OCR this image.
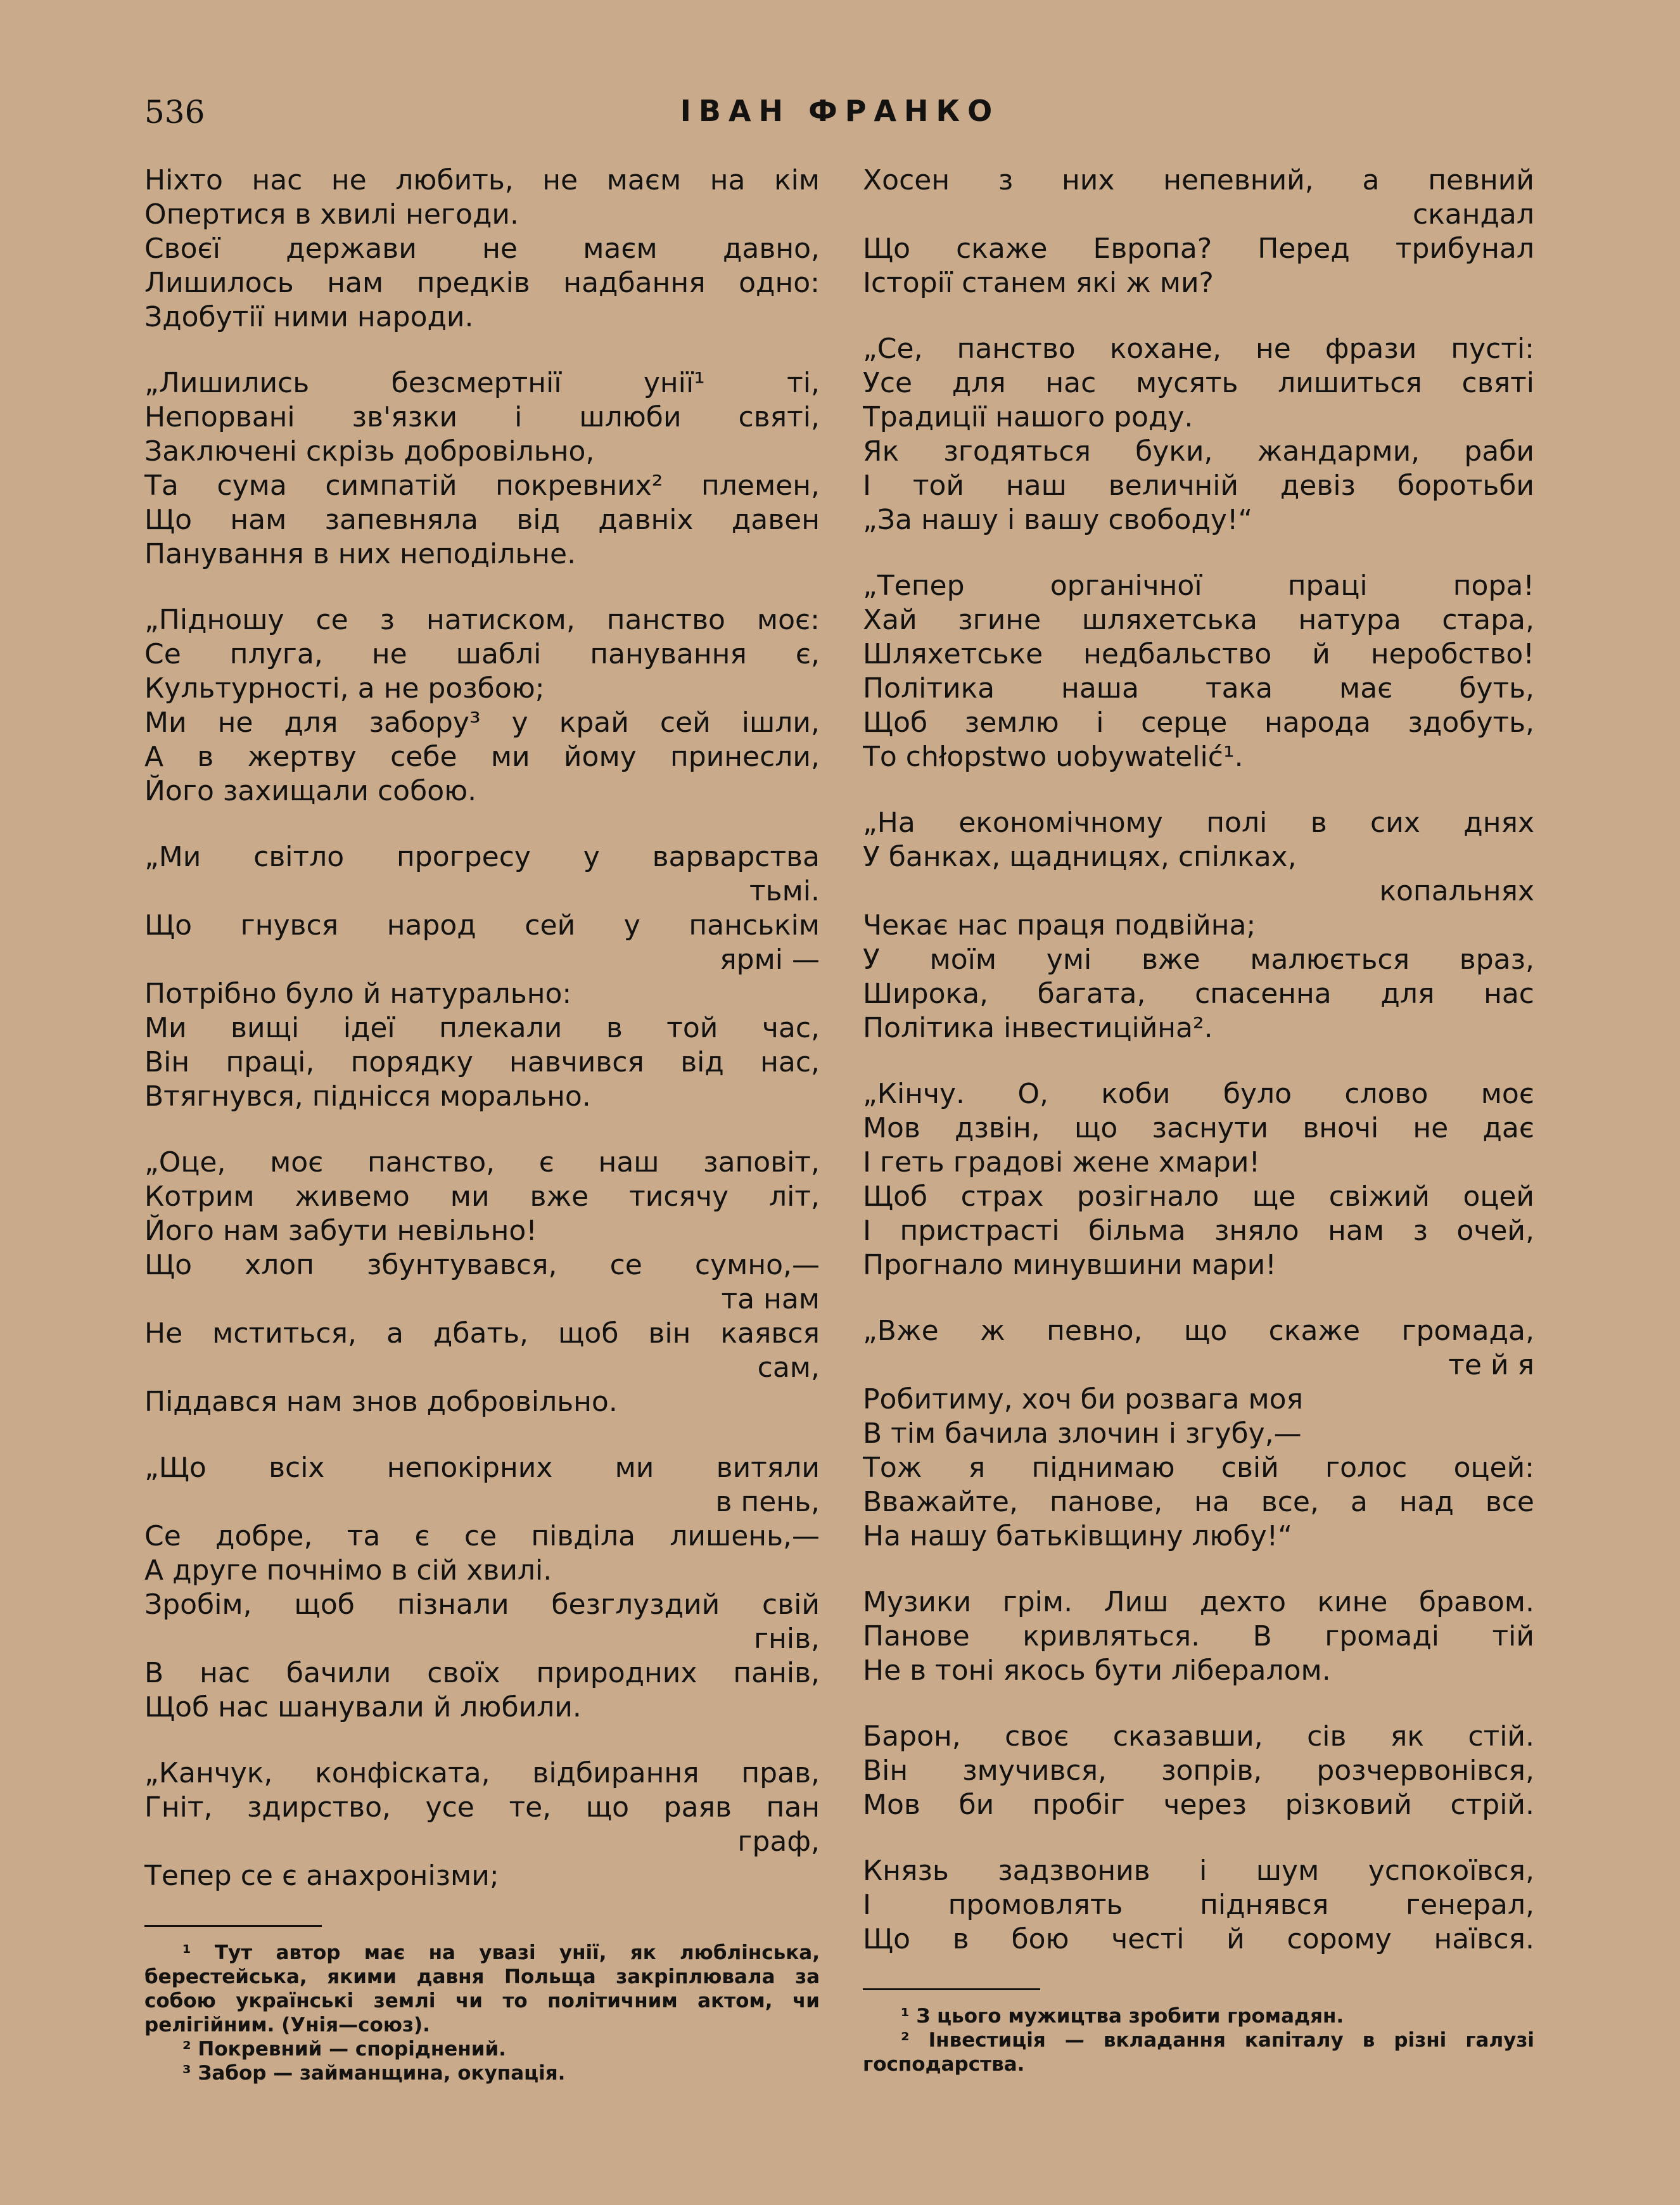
536	ІВАН ФРАНКО
Ніхто нас не любить, не маєм на кім
Опертися в хвилі негоди.
Своєї держави не маєм давно,
Лишилось нам предків надбання одно:
Здобутії ними народи.
„Лишились безсмертнії унії¹ ті,
Непорвані зв'язки і шлюби святі,
Заключені скрізь добровільно,
Та сума симпатій покревних² племен,
Що нам запевняла від давніх давен
Панування в них неподільне.
„Підношу се з натиском, панство моє:
Се плуга, не шаблі панування є,
Культурності, а не розбою;
Ми не для забору³ у край сей ішли,
А в жертву себе ми йому принесли,
Його захищали собою.
„Ми світло прогресу у варварства
тьмі.
Що гнувся народ сей у панськім
ярмі —
Потрібно було й натурально:
Ми вищі ідеї плекали в той час,
Він праці, порядку навчився від нас,
Втягнувся, піднісся морально.
„Оце, моє панство, є наш заповіт,
Котрим живемо ми вже тисячу літ,
Його нам забути невільно!
Що хлоп збунтувався, се сумно,—
та нам
Не мститься, а дбать, щоб він каявся
сам,
Піддався нам знов добровільно.
„Що всіх непокірних ми витяли
в пень,
Се добре, та є се півділа лишень,—
А друге почнімо в сій хвилі.
Зробім, щоб пізнали безглуздий свій
гнів,
В нас бачили своїх природних панів,
Щоб нас шанували й любили.
„Канчук, конфіската, відбирання прав,
Гніт, здирство, усе те, що раяв пан
граф,
Тепер се є анахронізми;
¹ Тут автор має на увазі унії, як люблінська, берестейська, якими давня Польща закріплювала за собою українські землі чи то політичним актом, чи релігійним. (Унія—союз).
² Покревний — споріднений.
³ Забор — займанщина, окупація.
Хосен з них непевний, а певний
скандал
Що скаже Европа? Перед трибунал
Історії станем які ж ми?
„Се, панство кохане, не фрази пусті:
Усе для нас мусять лишиться святі
Традиції нашого роду.
Як згодяться буки, жандарми, раби
І той наш величній девіз боротьби
„За нашу і вашу свободу!“
„Тепер органічної праці пора!
Хай згине шляхетська натура стара,
Шляхетське недбальство й неробство!
Політика наша така має буть,
Щоб землю і серце народа здобуть,
То chłopstwo uobywatelić¹.
„На економічному полі в сих днях
У банках, щадницях, спілках,
копальнях
Чекає нас праця подвійна;
У моїм умі вже малюється враз,
Широка, багата, спасенна для нас
Політика інвестиційна².
„Кінчу. О, коби було слово моє
Мов дзвін, що заснути вночі не дає
І геть градові жене хмари!
Щоб страх розігнало ще свіжий оцей
І пристрасті більма зняло нам з очей,
Прогнало минувшини мари!
„Вже ж певно, що скаже громада,
те й я
Робитиму, хоч би розвага моя
В тім бачила злочин і згубу,—
Тож я піднимаю свій голос оцей:
Вважайте, панове, на все, а над все
На нашу батьківщину любу!“
Музики грім. Лиш дехто кине бравом.
Панове кривляться. В громаді тій
Не в тоні якось бути лібералом.
Барон, своє сказавши, сів як стій.
Він змучився, зопрів, розчервонівся,
Мов би пробіг через різковий стрій.
Князь задзвонив і шум успокоївся,
І промовлять піднявся генерал,
Що в бою честі й сорому наївся.
¹ З цього мужицтва зробити громадян.
² Інвестиція — вкладання капіталу в різні галузі господарства.
